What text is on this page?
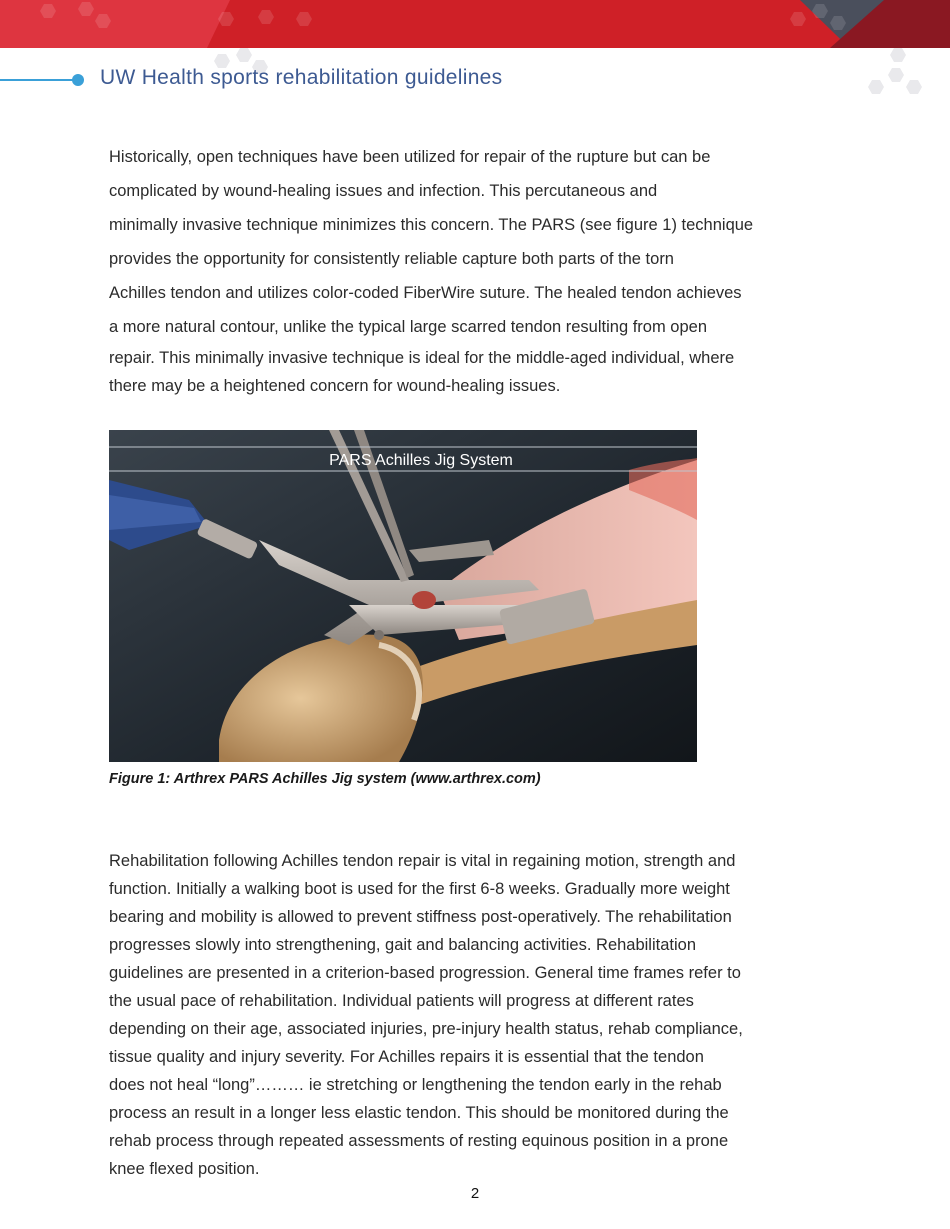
UW Health sports rehabilitation guidelines

Historically, open techniques have been utilized for repair of the rupture but can be
complicated by wound-healing issues and infection. This percutaneous and
minimally invasive technique minimizes this concern. The PARS (see figure 1) technique
provides the opportunity for consistently reliable capture both parts of the torn
Achilles tendon and utilizes color-coded FiberWire suture. The healed tendon achieves
a more natural contour, unlike the typical large scarred tendon resulting from open
repair. This minimally invasive technique is ideal for the middle-aged individual, where
there may be a heightened concern for wound-healing issues.

PARS Achilles Jig System
Figure 1: Arthrex PARS Achilles Jig system (www.arthrex.com)

Rehabilitation following Achilles tendon repair is vital in regaining motion, strength and
function. Initially a walking boot is used for the first 6-8 weeks. Gradually more weight
bearing and mobility is allowed to prevent stiffness post-operatively. The rehabilitation
progresses slowly into strengthening, gait and balancing activities. Rehabilitation
guidelines are presented in a criterion-based progression. General time frames refer to
the usual pace of rehabilitation. Individual patients will progress at different rates
depending on their age, associated injuries, pre-injury health status, rehab compliance,
tissue quality and injury severity. For Achilles repairs it is essential that the tendon
does not heal “long”……… ie stretching or lengthening the tendon early in the rehab
process an result in a longer less elastic tendon. This should be monitored during the
rehab process through repeated assessments of resting equinous position in a prone
knee flexed position.

2
